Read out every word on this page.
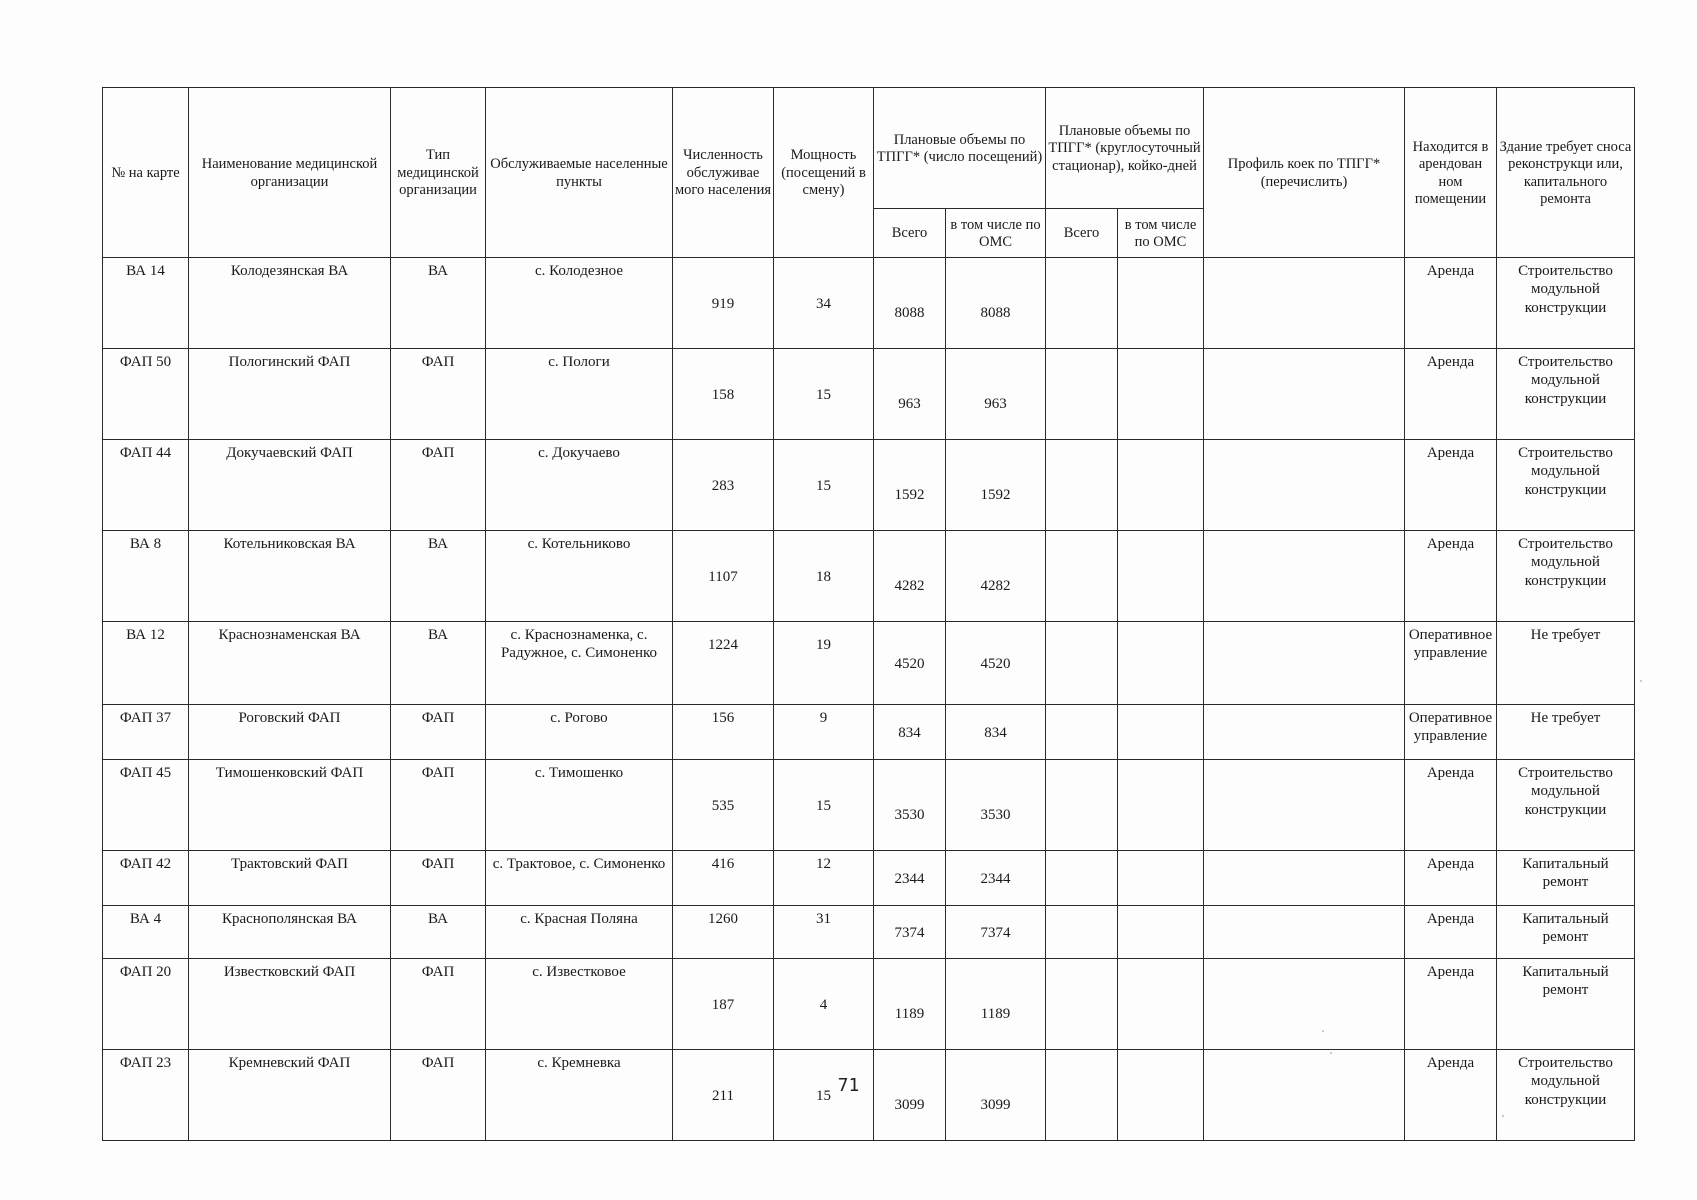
№ на карте	Наименование медицинской организации	Тип медицинской организации	Обслуживаемые населенные пункты	Численность обслуживае мого населения	Мощность (посещений в смену)	Плановые объемы по ТПГГ* (число посещений)		Плановые объемы по ТПГГ* (круглосуточный стационар), койко-дней		Профиль коек по ТПГГ* (перечислить)	Находится в арендован ном помещении	Здание требует сноса реконструкци или, капитального ремонта
						Всего	в том числе по ОМС	Всего	в том числе по ОМС			
ВА 14	Колодезянская ВА	ВА	с. Колодезное	919	34	8088	8088				Аренда	Строительство модульной конструкции
ФАП 50	Пологинский ФАП	ФАП	с. Пологи	158	15	963	963				Аренда	Строительство модульной конструкции
ФАП 44	Докучаевский ФАП	ФАП	с. Докучаево	283	15	1592	1592				Аренда	Строительство модульной конструкции
ВА 8	Котельниковская ВА	ВА	с. Котельниково	1107	18	4282	4282				Аренда	Строительство модульной конструкции
ВА 12	Краснознаменская ВА	ВА	с. Краснознаменка, с. Радужное, с. Симоненко	1224	19	4520	4520				Оперативное управление	Не требует
ФАП 37	Роговский ФАП	ФАП	с. Рогово	156	9	834	834				Оперативное управление	Не требует
ФАП 45	Тимошенковский ФАП	ФАП	с. Тимошенко	535	15	3530	3530				Аренда	Строительство модульной конструкции
ФАП 42	Трактовский ФАП	ФАП	с. Трактовое, с. Симоненко	416	12	2344	2344				Аренда	Капитальный ремонт
ВА 4	Краснополянская ВА	ВА	с. Красная Поляна	1260	31	7374	7374				Аренда	Капитальный ремонт
ФАП 20	Известковский ФАП	ФАП	с. Известковое	187	4	1189	1189				Аренда	Капитальный ремонт
ФАП 23	Кремневский ФАП	ФАП	с. Кремневка	211	15	3099	3099				Аренда	Строительство модульной конструкции
71
